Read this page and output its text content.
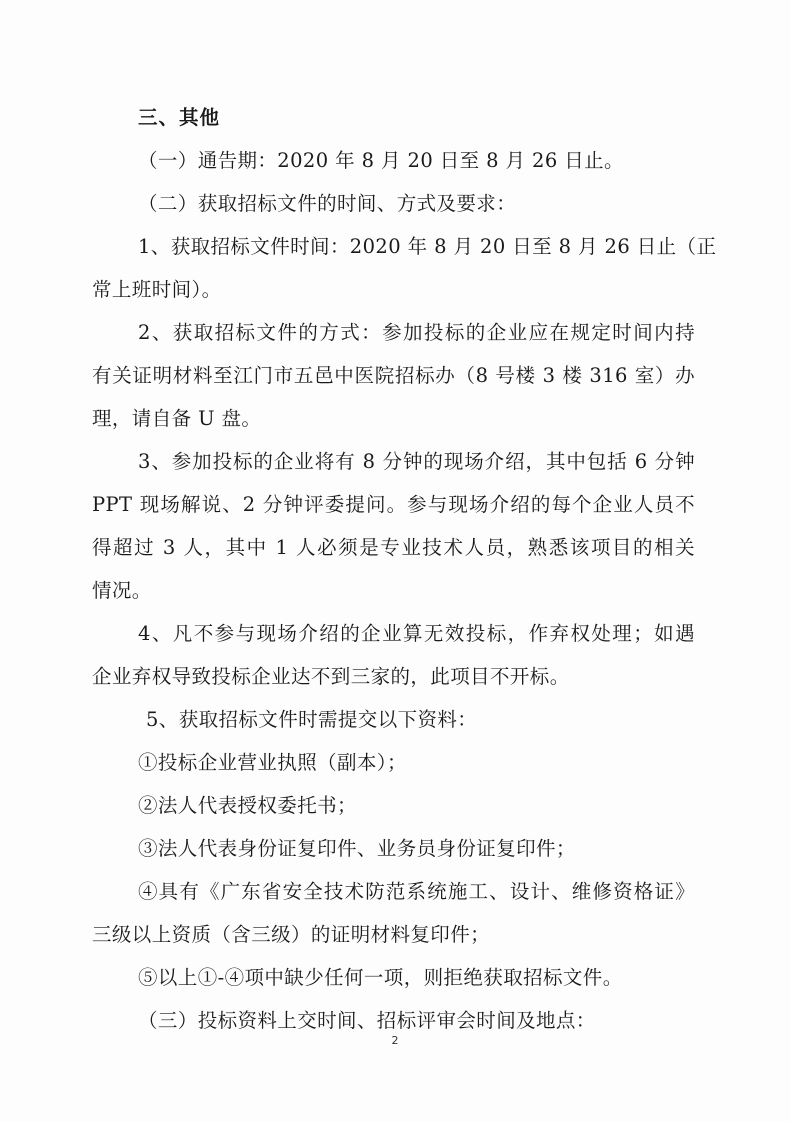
三、其他
（一）通告期：2020 年 8 月 20 日至 8 月 26 日止。
（二）获取招标文件的时间、方式及要求：
1、获取招标文件时间：2020 年 8 月 20 日至 8 月 26 日止（正
常上班时间）。
2、获取招标文件的方式：参加投标的企业应在规定时间内持
有关证明材料至江门市五邑中医院招标办（8 号楼 3 楼 316 室）办
理，请自备 U 盘。
3、参加投标的企业将有 8 分钟的现场介绍，其中包括 6 分钟
PPT 现场解说、2 分钟评委提问。参与现场介绍的每个企业人员不
得超过 3 人，其中 1 人必须是专业技术人员，熟悉该项目的相关
情况。
4、凡不参与现场介绍的企业算无效投标，作弃权处理；如遇
企业弃权导致投标企业达不到三家的，此项目不开标。
5、获取招标文件时需提交以下资料：
①投标企业营业执照（副本）；
②法人代表授权委托书；
③法人代表身份证复印件、业务员身份证复印件；
④具有《广东省安全技术防范系统施工、设计、维修资格证》
三级以上资质（含三级）的证明材料复印件；
⑤以上①-④项中缺少任何一项，则拒绝获取招标文件。
（三）投标资料上交时间、招标评审会时间及地点：
2
